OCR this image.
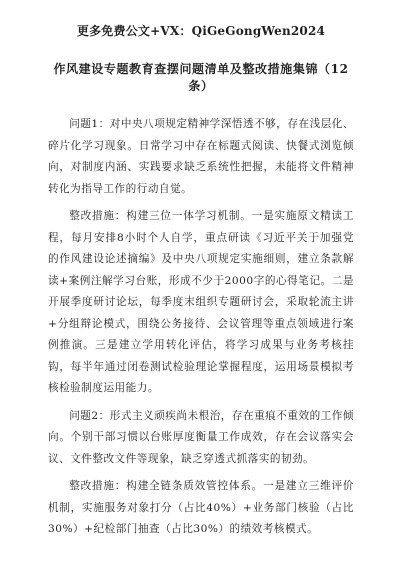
更多免费公文+VX：QiGeGongWen2024
作风建设专题教育查摆问题清单及整改措施集锦（12条）

问题1：对中央八项规定精神学深悟透不够，存在浅层化、碎片化学习现象。日常学习中存在标题式阅读、快餐式浏览倾向，对制度内涵、实践要求缺乏系统性把握，未能将文件精神转化为指导工作的行动自觉。

整改措施：构建三位一体学习机制。一是实施原文精读工程，每月安排8小时个人自学，重点研读《习近平关于加强党的作风建设论述摘编》及中央八项规定实施细则，建立条款解读+案例注解学习台账，形成不少于2000字的心得笔记。二是开展季度研讨论坛，每季度末组织专题研讨会，采取轮流主讲+分组辩论模式，围绕公务接待、会议管理等重点领域进行案例推演。三是建立学用转化评估，将学习成果与业务考核挂钩，每半年通过闭卷测试检验理论掌握程度，运用场景模拟考核检验制度运用能力。

问题2：形式主义顽疾尚未根治，存在重痕不重效的工作倾向。个别干部习惯以台账厚度衡量工作成效，存在会议落实会议、文件整改文件等现象，缺乏穿透式抓落实的韧劲。

整改措施：构建全链条质效管控体系。一是建立三维评价机制，实施服务对象打分（占比40%）+业务部门核验（占比30%）+纪检部门抽查（占比30%）的绩效考核模式。
